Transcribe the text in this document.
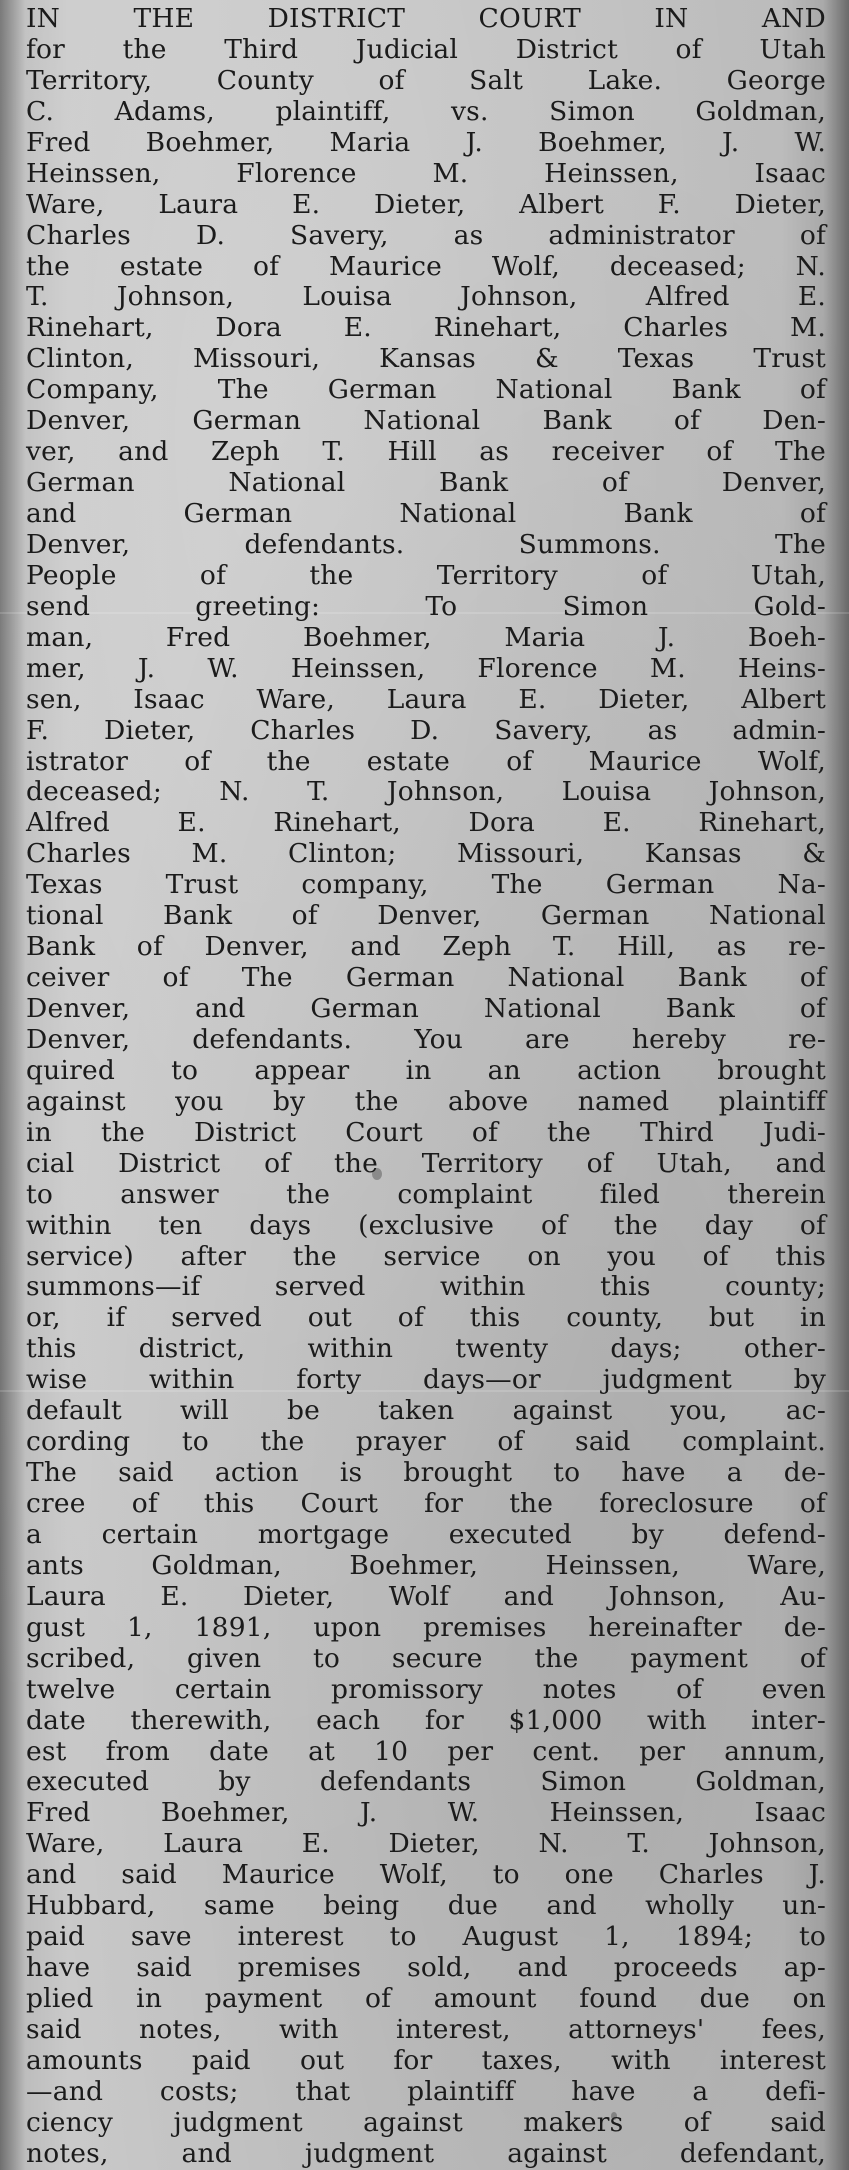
IN THE DISTRICT COURT IN AND
for the Third Judicial District of Utah
Territory, County of Salt Lake. George
C. Adams, plaintiff, vs. Simon Goldman,
Fred Boehmer, Maria J. Boehmer, J. W.
Heinssen, Florence M. Heinssen, Isaac
Ware, Laura E. Dieter, Albert F. Dieter,
Charles D. Savery, as administrator of
the estate of Maurice Wolf, deceased; N.
T. Johnson, Louisa Johnson, Alfred E.
Rinehart, Dora E. Rinehart, Charles M.
Clinton, Missouri, Kansas & Texas Trust
Company, The German National Bank of
Denver, German National Bank of Den-
ver, and Zeph T. Hill as receiver of The
German National Bank of Denver,
and German National Bank of
Denver, defendants. Summons. The
People of the Territory of Utah,
send greeting: To Simon Gold-
man, Fred Boehmer, Maria J. Boeh-
mer, J. W. Heinssen, Florence M. Heins-
sen, Isaac Ware, Laura E. Dieter, Albert
F. Dieter, Charles D. Savery, as admin-
istrator of the estate of Maurice Wolf,
deceased; N. T. Johnson, Louisa Johnson,
Alfred E. Rinehart, Dora E. Rinehart,
Charles M. Clinton; Missouri, Kansas &
Texas Trust company, The German Na-
tional Bank of Denver, German National
Bank of Denver, and Zeph T. Hill, as re-
ceiver of The German National Bank of
Denver, and German National Bank of
Denver, defendants. You are hereby re-
quired to appear in an action brought
against you by the above named plaintiff
in the District Court of the Third Judi-
cial District of the Territory of Utah, and
to answer the complaint filed therein
within ten days (exclusive of the day of
service) after the service on you of this
summons—if served within this county;
or, if served out of this county, but in
this district, within twenty days; other-
wise within forty days—or judgment by
default will be taken against you, ac-
cording to the prayer of said complaint.
The said action is brought to have a de-
cree of this Court for the foreclosure of
a certain mortgage executed by defend-
ants Goldman, Boehmer, Heinssen, Ware,
Laura E. Dieter, Wolf and Johnson, Au-
gust 1, 1891, upon premises hereinafter de-
scribed, given to secure the payment of
twelve certain promissory notes of even
date therewith, each for $1,000 with inter-
est from date at 10 per cent. per annum,
executed by defendants Simon Goldman,
Fred Boehmer, J. W. Heinssen, Isaac
Ware, Laura E. Dieter, N. T. Johnson,
and said Maurice Wolf, to one Charles J.
Hubbard, same being due and wholly un-
paid save interest to August 1, 1894; to
have said premises sold, and proceeds ap-
plied in payment of amount found due on
said notes, with interest, attorneys' fees,
amounts paid out for taxes, with interest
—and costs; that plaintiff have a defi-
ciency judgment against makers of said
notes, and judgment against defendant,
